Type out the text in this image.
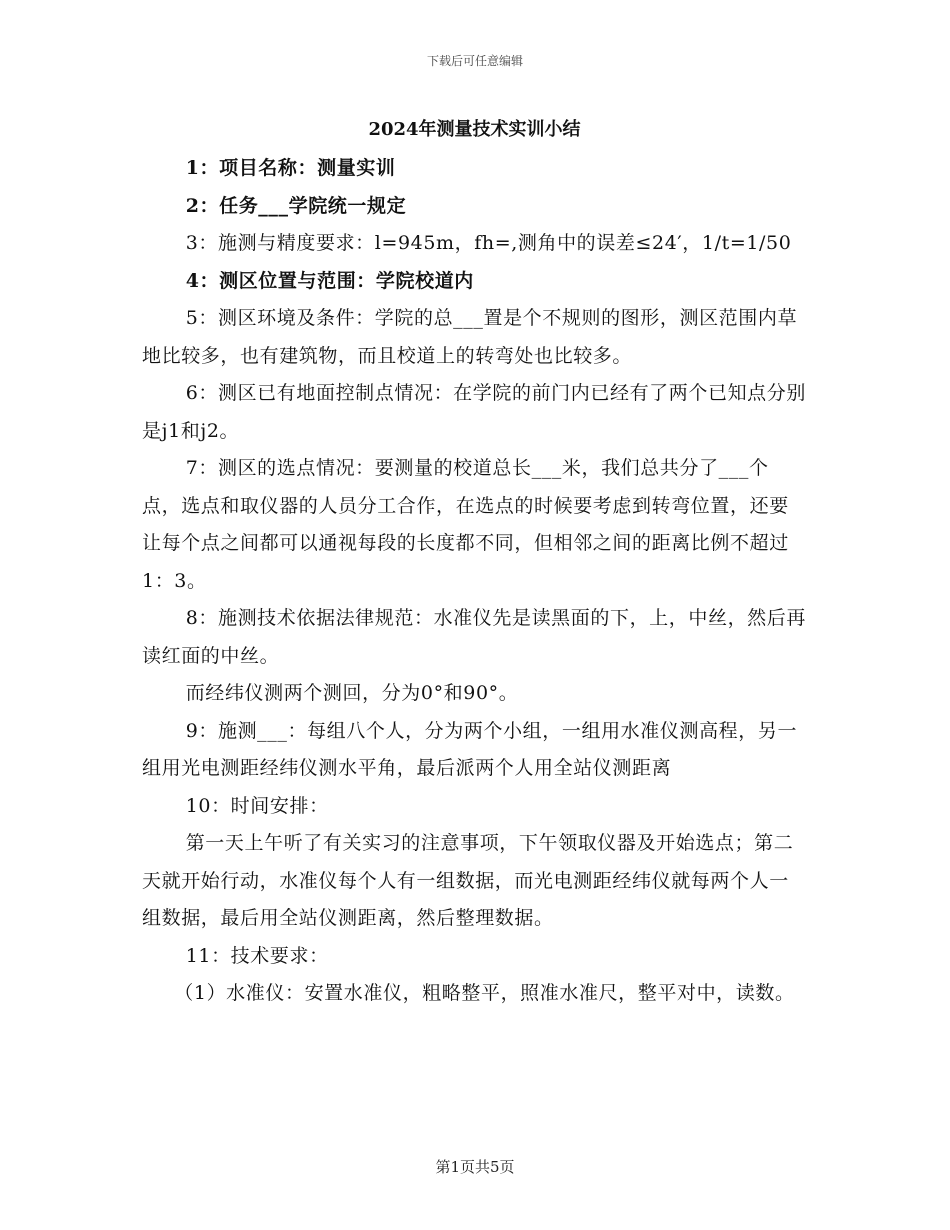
下载后可任意编辑
2024年测量技术实训小结

1：项目名称：测量实训

2：任务___学院统一规定

3：施测与精度要求：l=945m，fh=,测角中的误差≤24′，1/t=1/50

4：测区位置与范围：学院校道内

5：测区环境及条件：学院的总___置是个不规则的图形，测区范围内草地比较多，也有建筑物，而且校道上的转弯处也比较多。

6：测区已有地面控制点情况：在学院的前门内已经有了两个已知点分别是j1和j2。

7：测区的选点情况：要测量的校道总长___米，我们总共分了___个点，选点和取仪器的人员分工合作，在选点的时候要考虑到转弯位置，还要让每个点之间都可以通视每段的长度都不同，但相邻之间的距离比例不超过1：3。

8：施测技术依据法律规范：水准仪先是读黑面的下，上，中丝，然后再读红面的中丝。

而经纬仪测两个测回，分为0°和90°。

9：施测___：每组八个人，分为两个小组，一组用水准仪测高程，另一组用光电测距经纬仪测水平角，最后派两个人用全站仪测距离

10：时间安排：

第一天上午听了有关实习的注意事项，下午领取仪器及开始选点；第二天就开始行动，水准仪每个人有一组数据，而光电测距经纬仪就每两个人一组数据，最后用全站仪测距离，然后整理数据。

11：技术要求：

（1）水准仪：安置水准仪，粗略整平，照准水准尺，整平对中，读数。

第1页共5页
